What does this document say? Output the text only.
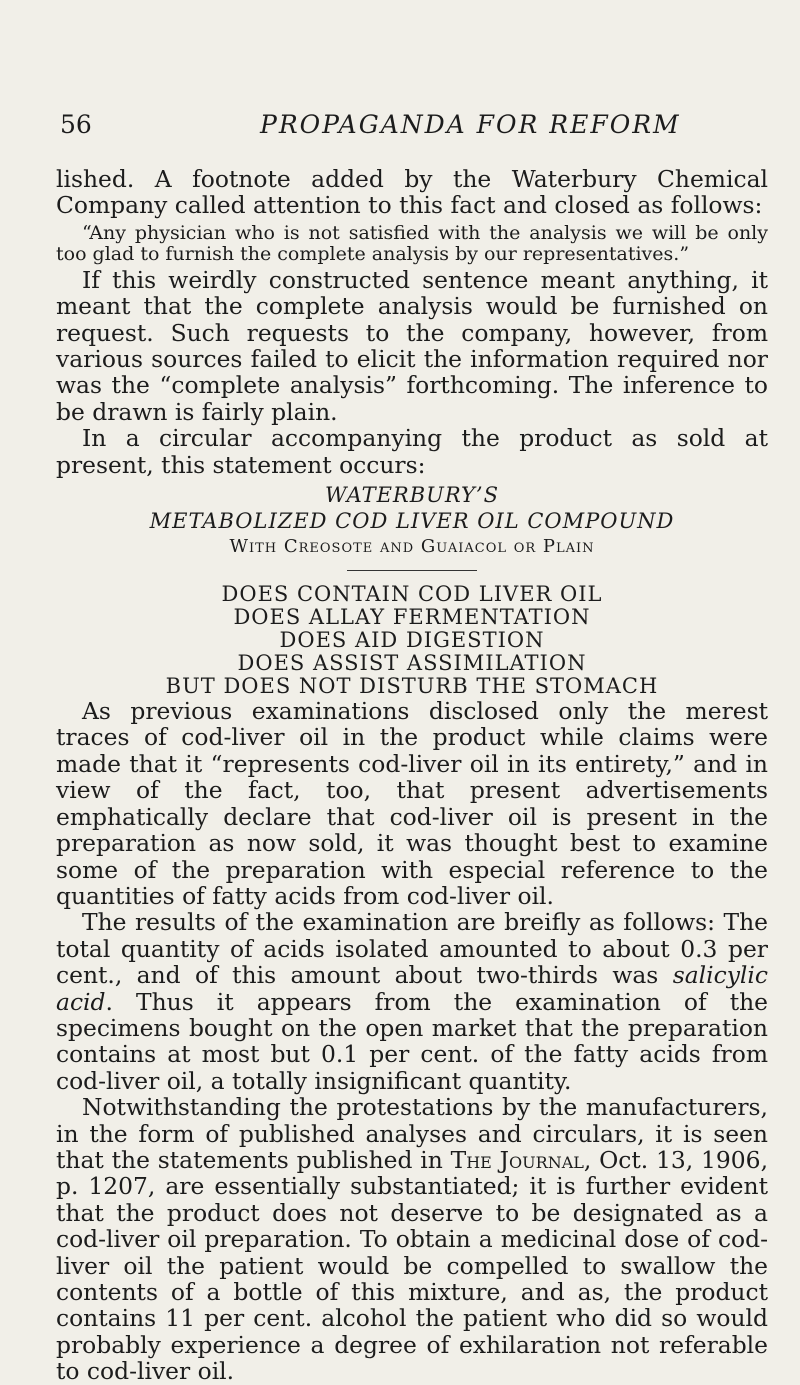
56	PROPAGANDA FOR REFORM

lished. A footnote added by the Waterbury Chemical Company called attention to this fact and closed as follows:

“Any physician who is not satisfied with the analysis we will be only too glad to furnish the complete analysis by our representatives.”

If this weirdly constructed sentence meant anything, it meant that the complete analysis would be furnished on request. Such requests to the company, however, from various sources failed to elicit the information required nor was the “complete analysis” forthcoming. The inference to be drawn is fairly plain.

In a circular accompanying the product as sold at present, this statement occurs:

WATERBURY’S
METABOLIZED COD LIVER OIL COMPOUND
With Creosote and Guaiacol or Plain
DOES CONTAIN COD LIVER OIL
DOES ALLAY FERMENTATION
DOES AID DIGESTION
DOES ASSIST ASSIMILATION
BUT DOES NOT DISTURB THE STOMACH

As previous examinations disclosed only the merest traces of cod-liver oil in the product while claims were made that it “represents cod-liver oil in its entirety,” and in view of the fact, too, that present advertisements emphatically declare that cod-liver oil is present in the preparation as now sold, it was thought best to examine some of the preparation with especial reference to the quantities of fatty acids from cod-liver oil.

The results of the examination are breifly as follows: The total quantity of acids isolated amounted to about 0.3 per cent., and of this amount about two-thirds was salicylic acid. Thus it appears from the examination of the specimens bought on the open market that the preparation contains at most but 0.1 per cent. of the fatty acids from cod-liver oil, a totally insignificant quantity.

Notwithstanding the protestations by the manufacturers, in the form of published analyses and circulars, it is seen that the statements published in The Journal, Oct. 13, 1906, p. 1207, are essentially substantiated; it is further evident that the product does not deserve to be designated as a cod-liver oil preparation. To obtain a medicinal dose of cod-liver oil the patient would be compelled to swallow the contents of a bottle of this mixture, and as, the product contains 11 per cent. alcohol the patient who did so would probably experience a degree of exhilaration not referable to cod-liver oil.
